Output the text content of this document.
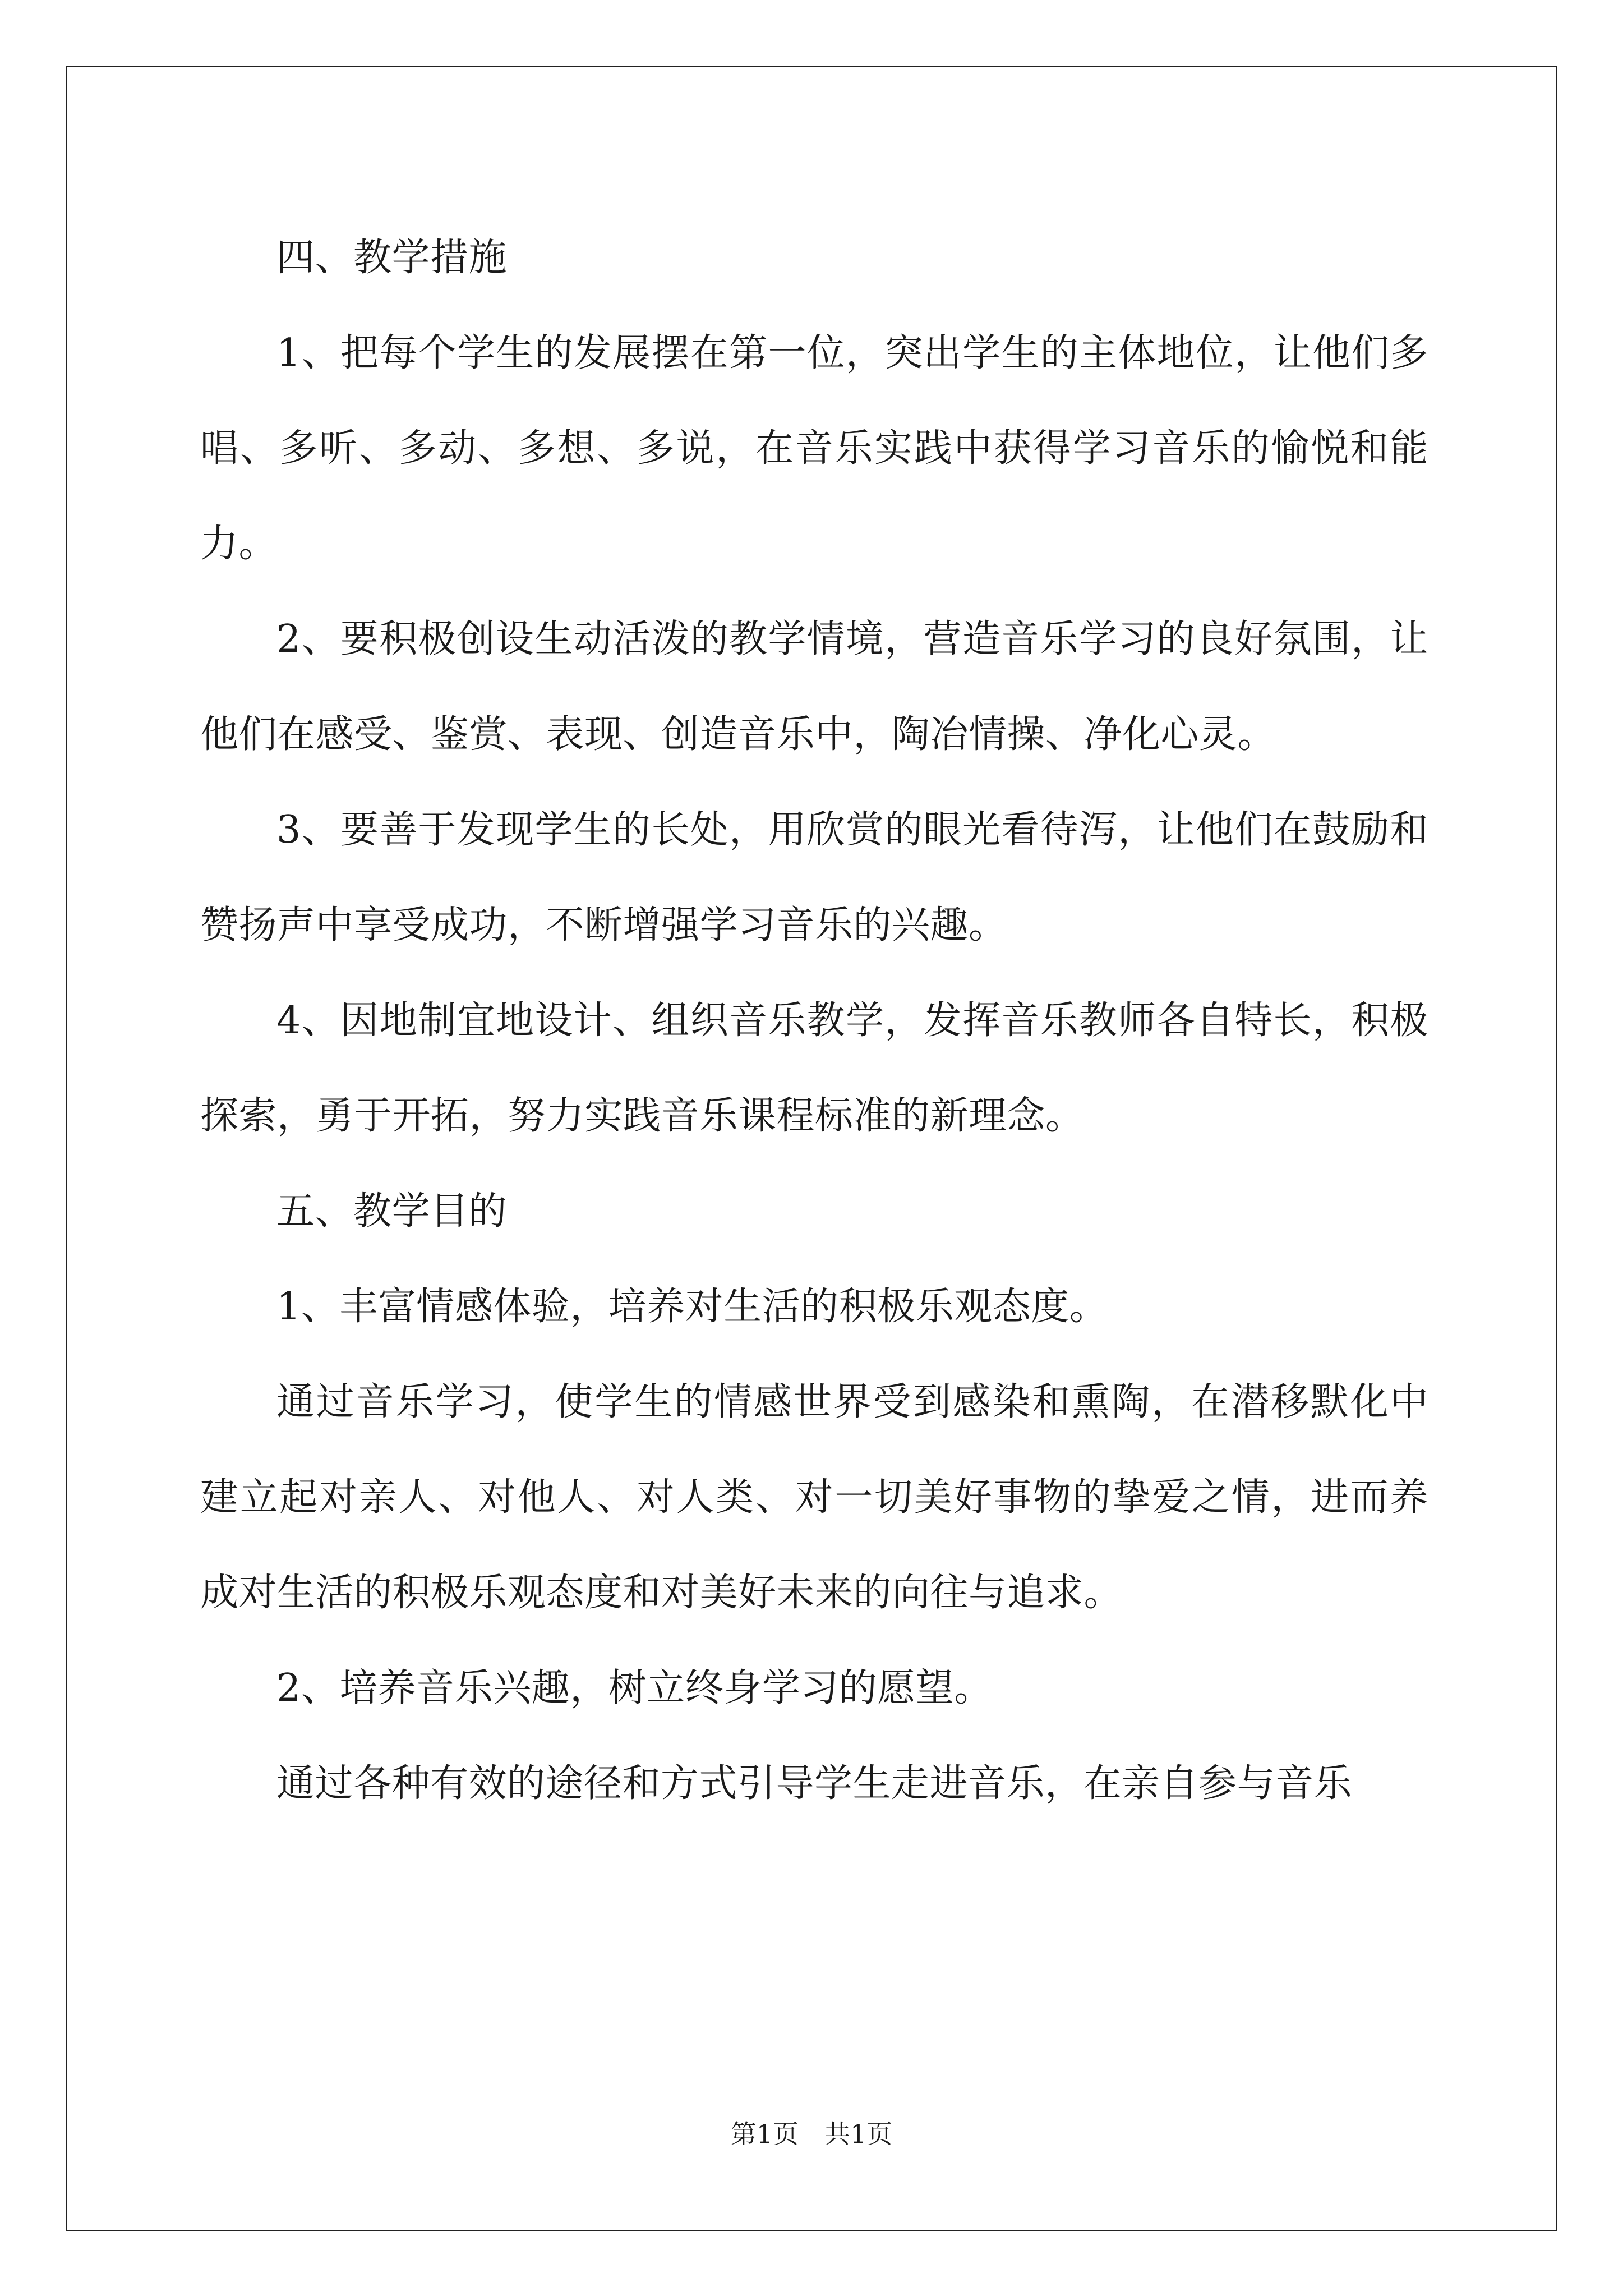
四、教学措施

1、把每个学生的发展摆在第一位，突出学生的主体地位，让他们多唱、多听、多动、多想、多说，在音乐实践中获得学习音乐的愉悦和能力。

2、要积极创设生动活泼的教学情境，营造音乐学习的良好氛围，让他们在感受、鉴赏、表现、创造音乐中，陶冶情操、净化心灵。

3、要善于发现学生的长处，用欣赏的眼光看待泻，让他们在鼓励和赞扬声中享受成功，不断增强学习音乐的兴趣。

4、因地制宜地设计、组织音乐教学，发挥音乐教师各自特长，积极探索，勇于开拓，努力实践音乐课程标准的新理念。

五、教学目的

1、丰富情感体验，培养对生活的积极乐观态度。

通过音乐学习，使学生的情感世界受到感染和熏陶，在潜移默化中建立起对亲人、对他人、对人类、对一切美好事物的挚爱之情，进而养成对生活的积极乐观态度和对美好未来的向往与追求。

2、培养音乐兴趣，树立终身学习的愿望。

通过各种有效的途径和方式引导学生走进音乐，在亲自参与音乐

第1页　共1页
